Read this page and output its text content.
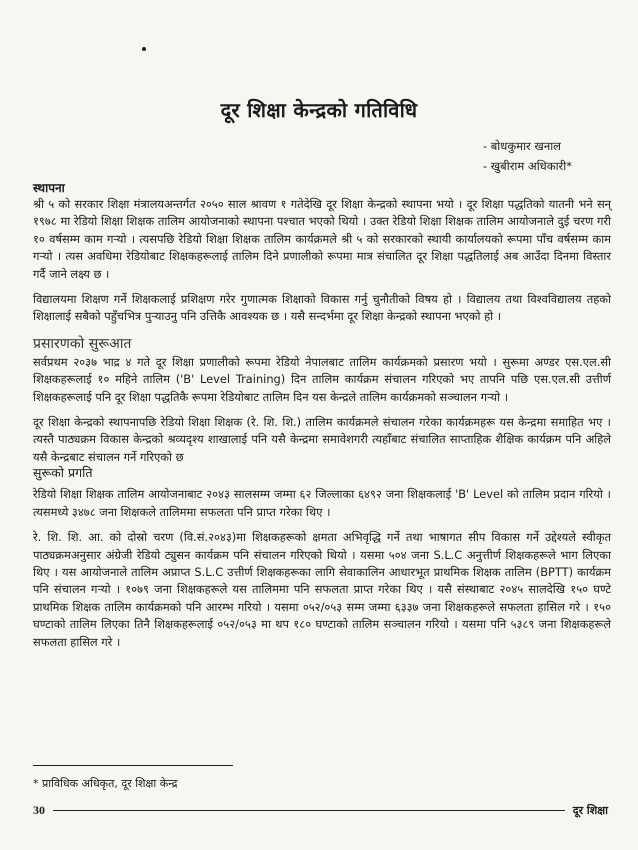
दूर शिक्षा केन्द्रको गतिविधि
- बोधकुमार खनाल
- खुबीराम अधिकारी*
स्थापना

श्री ५ को सरकार शिक्षा मंत्रालयअन्तर्गत २०५० साल श्रावण १ गतेदेखि दूर शिक्षा केन्द्रको स्थापना भयो । दूर शिक्षा पद्धतिको यातनी भने सन् १९७८ मा रेडियो शिक्षा शिक्षक तालिम आयोजनाको स्थापना पश्चात भएको थियो । उक्त रेडियो शिक्षा शिक्षक तालिम आयोजनाले दुई चरण गरी १० वर्षसम्म काम गऱ्यो । त्यसपछि रेडियो शिक्षा शिक्षक तालिम कार्यक्रमले श्री ५ को सरकारको स्थायी कार्यालयको रूपमा पाँच वर्षसम्म काम गऱ्यो । त्यस अवधिमा रेडियोबाट शिक्षकहरूलाई तालिम दिने प्रणालीको रूपमा मात्र संचालित दूर शिक्षा पद्धतिलाई अब आउँदा दिनमा विस्तार गर्दै जाने लक्ष्य छ ।

विद्यालयमा शिक्षण गर्ने शिक्षकलाई प्रशिक्षण गरेर गुणात्मक शिक्षाको विकास गर्नु चुनौतीको विषय हो । विद्यालय तथा विश्वविद्यालय तहको शिक्षालाई सबैको पहुँचभित्र पुऱ्याउनु पनि उत्तिकै आवश्यक छ । यसै सन्दर्भमा दूर शिक्षा केन्द्रको स्थापना भएको हो ।

प्रसारणको सुरूआत

सर्वप्रथम २०३७ भाद्र ४ गते दूर शिक्षा प्रणालीको रूपमा रेडियो नेपालबाट तालिम कार्यक्रमको प्रसारण भयो । सुरूमा अण्डर एस.एल.सी शिक्षकहरूलाई १० महिने तालिम ('B' Level Training) दिन तालिम कार्यक्रम संचालन गरिएको भए तापनि पछि एस.एल.सी उत्तीर्ण शिक्षकहरूलाई पनि दूर शिक्षा पद्धतिकै रूपमा रेडियोबाट तालिम दिन यस केन्द्रले तालिम कार्यक्रमको सञ्चालन गऱ्यो ।

दूर शिक्षा केन्द्रको स्थापनापछि रेडियो शिक्षा शिक्षक (रे. शि. शि.) तालिम कार्यक्रमले संचालन गरेका कार्यक्रमहरू यस केन्द्रमा समाहित भए । त्यस्तै पाठ्यक्रम विकास केन्द्रको श्रव्यदृश्य शाखालाई पनि यसै केन्द्रमा समावेशगरी त्यहाँबाट संचालित साप्ताहिक शैक्षिक कार्यक्रम पनि अहिले यसै केन्द्रबाट संचालन गर्ने गरिएको छ

सुरूको प्रगति

रेडियो शिक्षा शिक्षक तालिम आयोजनाबाट २०४३ सालसम्म जम्मा ६२ जिल्लाका ६४९२ जना शिक्षकलाई 'B' Level को तालिम प्रदान गरियो । त्यसमध्ये ३४७८ जना शिक्षकले तालिममा सफलता पनि प्राप्त गरेका थिए ।

रे. शि. शि. आ. को दोस्रो चरण (वि.सं.२०४३)मा शिक्षकहरूको क्षमता अभिवृद्धि गर्ने तथा भाषागत सीप विकास गर्ने उद्देश्यले स्वीकृत पाठ्यक्रमअनुसार अंग्रेजी रेडियो ट्युसन कार्यक्रम पनि संचालन गरिएको थियो । यसमा ५०४ जना S.L.C अनुत्तीर्ण शिक्षकहरूले भाग लिएका थिए । यस आयोजनाले तालिम अप्राप्त S.L.C उत्तीर्ण शिक्षकहरूका लागि सेवाकालिन आधारभूत प्राथमिक शिक्षक तालिम (BPTT) कार्यक्रम पनि संचालन गऱ्यो । १०७९ जना शिक्षकहरूले यस तालिममा पनि सफलता प्राप्त गरेका थिए । यसै संस्थाबाट २०४५ सालदेखि १५० घण्टे प्राथमिक शिक्षक तालिम कार्यक्रमको पनि आरम्भ गरियो । यसमा ०५२/०५३ सम्म जम्मा ६३३७ जना शिक्षकहरूले सफलता हासिल गरे । १५० घण्टाको तालिम लिएका तिनै शिक्षकहरूलाई ०५२/०५३ मा थप १८० घण्टाको तालिम सञ्चालन गरियो । यसमा पनि ५३८९ जना शिक्षकहरूले सफलता हासिल गरे ।

* प्राविधिक अधिकृत, दूर शिक्षा केन्द्र
30	दूर शिक्षा
